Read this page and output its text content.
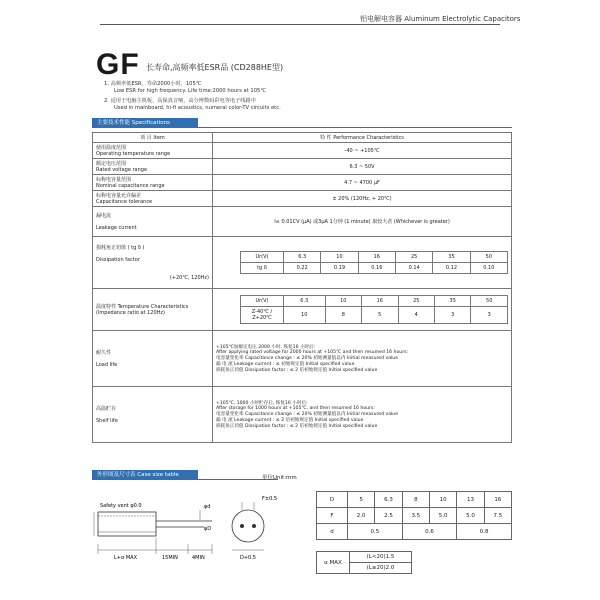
铝电解电容器 Aluminum Electrolytic Capacitors
GF 长寿命,高频率低ESR品 (CD288HE型)
1. 高频率低ESR。寿命2000小时，105℃
Low ESR for high frequency. Life time:2000 hours at 105℃
2. 适用于电脑主机板、高保真音响，高分辨数码彩电等电子线路中
Used in mainboard, hi-fi acoustics, numeral color-TV circuits etc.
主要技术性能 Specifications
项 目 Item	特 性 Performance Characteristics

使用温度范围
Operating temperature range
	-40 ~ +105℃

额定电压范围
Rated voltage range
	6.3 ~ 50V

标称电容量范围
Nominal capacitance range
	4.7 ~ 4700 μF

标称电容量允许偏差
Capacitance tolerance
	± 20% (120Hz, + 20℃)

漏电流
Leakage current
	I≤ 0.01CV (μA) 或3μA 1分钟 (1 minute) 取较大者 (Whichever is greater)

损耗角正切值 ( tg δ )
Dissipation factor
(+20℃, 120Hz)

Ur(V)	6.3	10	16	25	35	50
tg δ	0.22	0.19	0.16	0.14	0.12	0.10

温度特性 Temperature Characteristics
(Impedance ratio at 120Hz)

Ur(V)	6.3	10	16	25	35	50
Z-40℃ / Z+20℃	10	8	5	4	3	3

耐久性
Load life

+105℃加额定电压 2000 小时, 恢复16 小时后:
After applying rated voltage for 2000 hours at +105℃ and then resumed 16 hours:
电容量变化率 Capacitance change : ≤ 20% 初始测量值以内 Initial measured value
漏 电 流 Leakage current : ≤ 初始规定值 Initial specified value
损耗角正切值 Dissipation factor : ≤ 2 倍初始规定值 Initial specified value

高温贮存
Shelf life

+105℃, 1000 小时贮存后, 恢复16 小时后:
After storage for 1000 hours at +105℃, and then resumed 16 hours:
电容量变化率 Capacitance change : ≤ 20% 初始测量值以内 Initial measured value
漏 电 流 Leakage current : ≤ 2 倍初始规定值 Initial specified value
损耗角正切值 Dissipation factor : ≤ 2 倍初始规定值 Initial specified value
外形图及尺寸表 Case size table	单位Unit:mm
Safety vent φ0.0	φd
φD
F±0.5
L+α MAX	15MIN	4MIN	D+0.5
D	5	6.3	8	10	13	16
F	2.0	2.5	3.5	5.0	5.0	7.5
d	0.5		0.6		0.8	
α MAX	(L<20)1.5
(L≥20)2.0
